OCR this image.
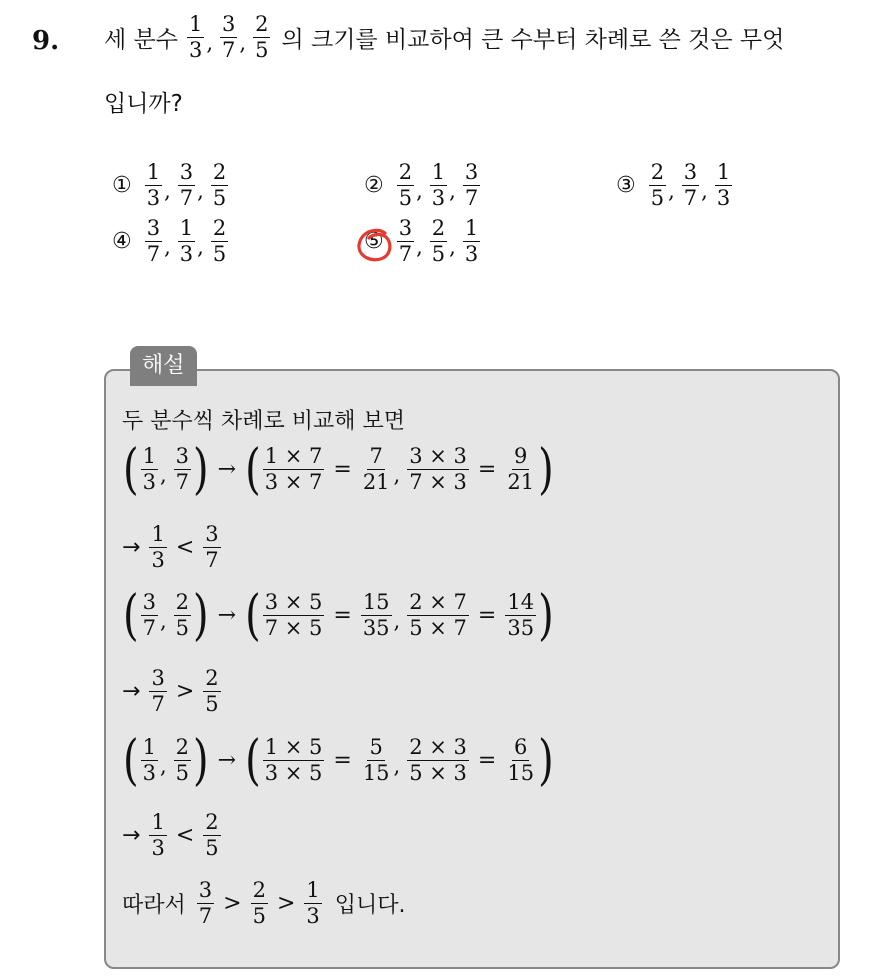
9. 세 분수 $\frac{1}{3}$ , $\frac{3}{7}$ , $\frac{2}{5}$ 의 크기를 비교하여 큰 수부터 차례로 쓴 것은 무엇
입니까?
① $\frac{1}{3}$ , $\frac{3}{7}$ , $\frac{2}{5}$	② $\frac{2}{5}$ , $\frac{1}{3}$ , $\frac{3}{7}$	③ $\frac{2}{5}$ , $\frac{3}{7}$ , $\frac{1}{3}$
④ $\frac{3}{7}$ , $\frac{1}{3}$ , $\frac{2}{5}$	⑤ $\frac{3}{7}$ , $\frac{2}{5}$ , $\frac{1}{3}$
해설
두 분수씩 차례로 비교해 보면
( $\frac{1}{3}$ , $\frac{3}{7}$ ) → ( $\frac{1 \times 7}{3 \times 7} = \frac{7}{21}$ , $\frac{3 \times 3}{7 \times 3} = \frac{9}{21}$ )
→ $\frac{1}{3} < \frac{3}{7}$
( $\frac{3}{7}$ , $\frac{2}{5}$ ) → ( $\frac{3 \times 5}{7 \times 5} = \frac{15}{35}$ , $\frac{2 \times 7}{5 \times 7} = \frac{14}{35}$ )
→ $\frac{3}{7} > \frac{2}{5}$
( $\frac{1}{3}$ , $\frac{2}{5}$ ) → ( $\frac{1 \times 5}{3 \times 5} = \frac{5}{15}$ , $\frac{2 \times 3}{5 \times 3} = \frac{6}{15}$ )
→ $\frac{1}{3} < \frac{2}{5}$
따라서 $\frac{3}{7} > \frac{2}{5} > \frac{1}{3}$ 입니다.
